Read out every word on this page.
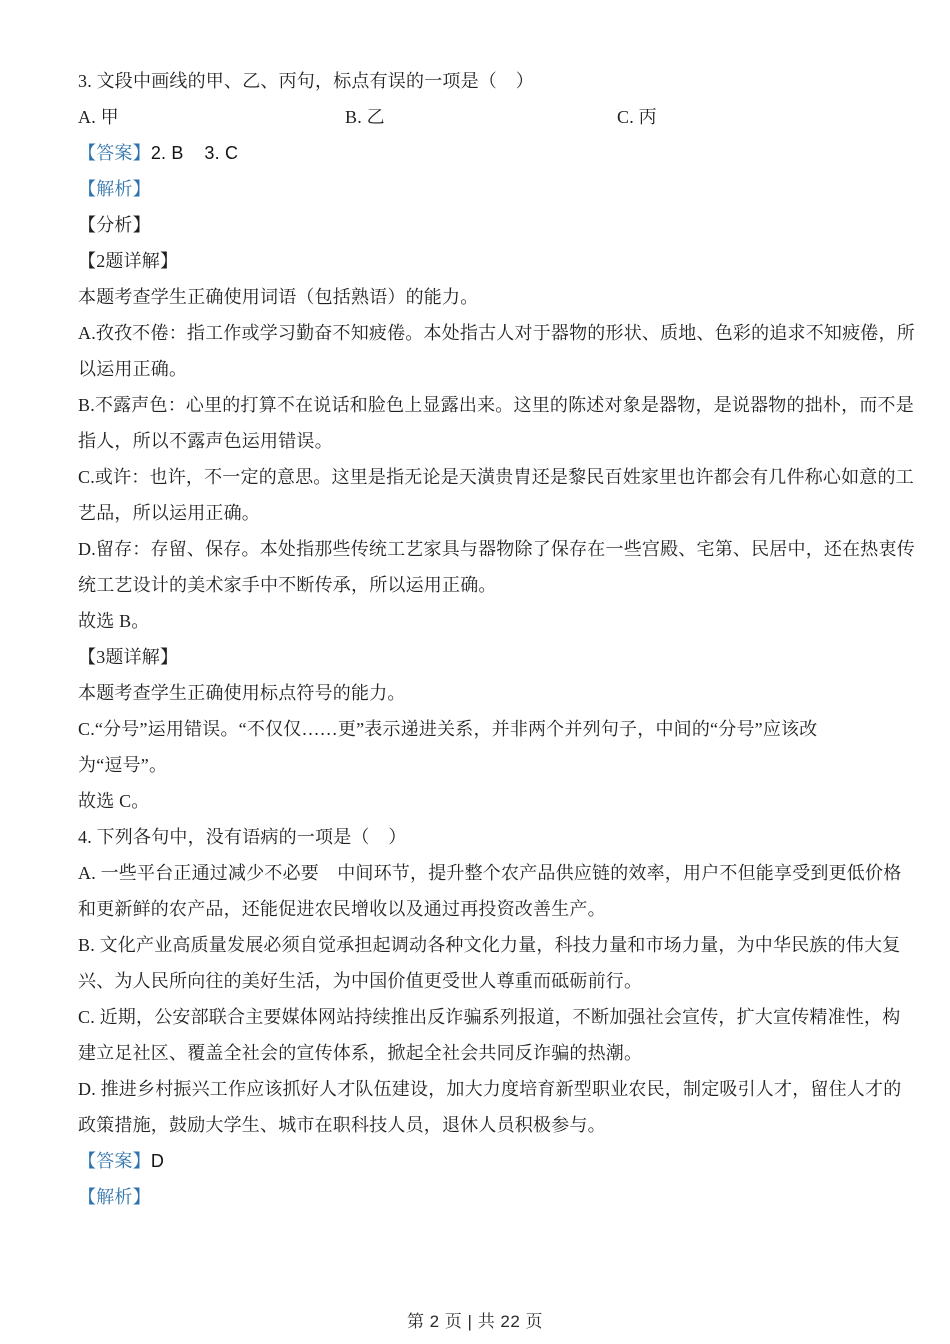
3. 文段中画线的甲、乙、丙句，标点有误的一项是（    ）
A. 甲	B. 乙	C. 丙
【答案】2. B    3. C
【解析】
【分析】
【2题详解】
本题考查学生正确使用词语（包括熟语）的能力。
A.孜孜不倦：指工作或学习勤奋不知疲倦。本处指古人对于器物的形状、质地、色彩的追求不知疲倦，所
以运用正确。
B.不露声色：心里的打算不在说话和脸色上显露出来。这里的陈述对象是器物，是说器物的拙朴，而不是
指人，所以不露声色运用错误。
C.或许：也许，不一定的意思。这里是指无论是天潢贵胄还是黎民百姓家里也许都会有几件称心如意的工
艺品，所以运用正确。
D.留存：存留、保存。本处指那些传统工艺家具与器物除了保存在一些宫殿、宅第、民居中，还在热衷传
统工艺设计的美术家手中不断传承，所以运用正确。
故选 B。
【3题详解】
本题考查学生正确使用标点符号的能力。
C.“分号”运用错误。“不仅仅……更”表示递进关系，并非两个并列句子，中间的“分号”应该改
为“逗号”。
故选 C。
4. 下列各句中，没有语病的一项是（    ）
A. 一些平台正通过减少不必要　中间环节，提升整个农产品供应链的效率，用户不但能享受到更低价格
和更新鲜的农产品，还能促进农民增收以及通过再投资改善生产。
B. 文化产业高质量发展必须自觉承担起调动各种文化力量，科技力量和市场力量，为中华民族的伟大复
兴、为人民所向往的美好生活，为中国价值更受世人尊重而砥砺前行。
C. 近期，公安部联合主要媒体网站持续推出反诈骗系列报道，不断加强社会宣传，扩大宣传精准性，构
建立足社区、覆盖全社会的宣传体系，掀起全社会共同反诈骗的热潮。
D. 推进乡村振兴工作应该抓好人才队伍建设，加大力度培育新型职业农民，制定吸引人才，留住人才的
政策措施，鼓励大学生、城市在职科技人员，退休人员积极参与。
【答案】D
【解析】
第 2 页 | 共 22 页
